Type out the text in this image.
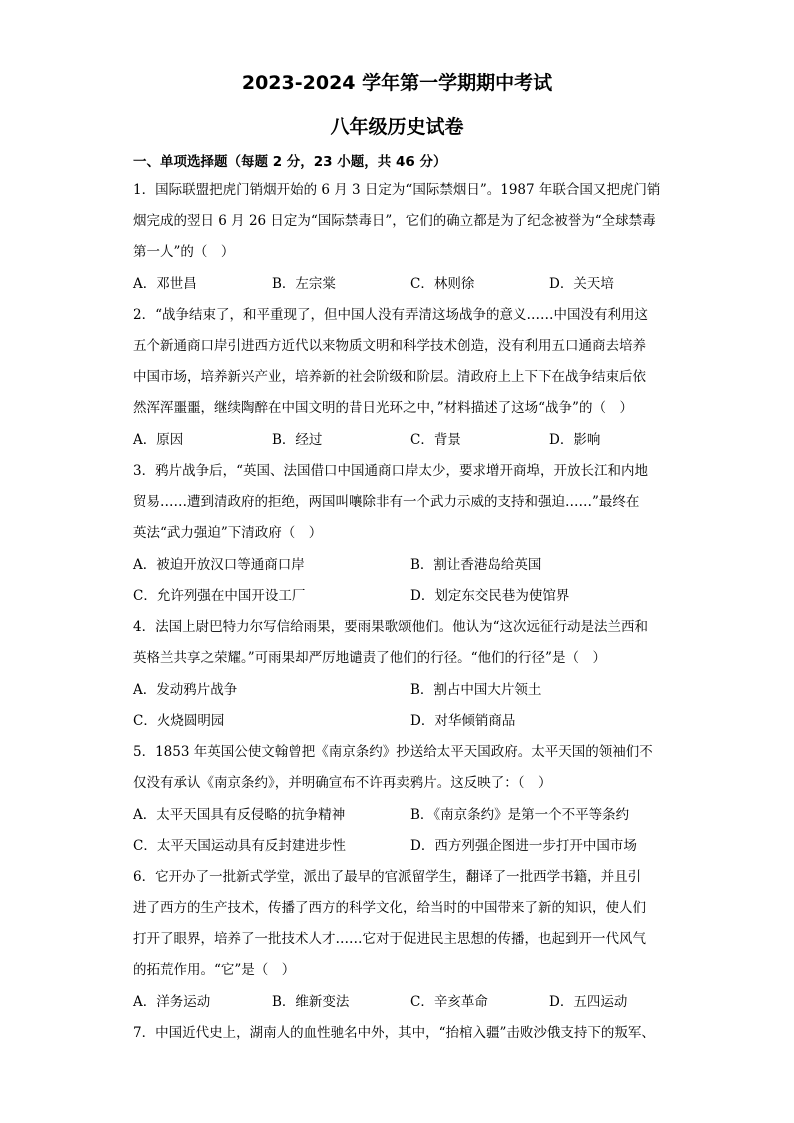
2023-2024 学年第一学期期中考试
八年级历史试卷
一、单项选择题（每题 2 分，23 小题，共 46 分）
1．国际联盟把虎门销烟开始的 6 月 3 日定为“国际禁烟日”。1987 年联合国又把虎门销
烟完成的翌日 6 月 26 日定为“国际禁毒日”，它们的确立都是为了纪念被誉为“全球禁毒
第一人”的（　）
A．邓世昌	B．左宗棠	C．林则徐	D．关天培
2．“战争结束了，和平重现了，但中国人没有弄清这场战争的意义……中国没有利用这
五个新通商口岸引进西方近代以来物质文明和科学技术创造，没有利用五口通商去培养
中国市场，培养新兴产业，培养新的社会阶级和阶层。清政府上上下下在战争结束后依
然浑浑噩噩，继续陶醉在中国文明的昔日光环之中，”材料描述了这场“战争”的（　）
A．原因	B．经过	C．背景	D．影响
3．鸦片战争后，“英国、法国借口中国通商口岸太少，要求增开商埠，开放长江和内地
贸易……遭到清政府的拒绝，两国叫嚷除非有一个武力示威的支持和强迫……”最终在
英法“武力强迫”下清政府（　）
A．被迫开放汉口等通商口岸	B．割让香港岛给英国
C．允许列强在中国开设工厂	D．划定东交民巷为使馆界
4．法国上尉巴特力尔写信给雨果，要雨果歌颂他们。他认为“这次远征行动是法兰西和
英格兰共享之荣耀。”可雨果却严厉地谴责了他们的行径。“他们的行径”是（　）
A．发动鸦片战争	B．割占中国大片领土
C．火烧圆明园	D．对华倾销商品
5．1853 年英国公使文翰曾把《南京条约》抄送给太平天国政府。太平天国的领袖们不
仅没有承认《南京条约》，并明确宣布不许再卖鸦片。这反映了：（　）
A．太平天国具有反侵略的抗争精神	B．《南京条约》是第一个不平等条约
C．太平天国运动具有反封建进步性	D．西方列强企图进一步打开中国市场
6．它开办了一批新式学堂，派出了最早的官派留学生，翻译了一批西学书籍，并且引
进了西方的生产技术，传播了西方的科学文化，给当时的中国带来了新的知识，使人们
打开了眼界，培养了一批技术人才……它对于促进民主思想的传播，也起到开一代风气
的拓荒作用。“它”是（　）
A．洋务运动	B．维新变法	C．辛亥革命	D．五四运动
7．中国近代史上，湖南人的血性驰名中外，其中，“抬棺入疆”击败沙俄支持下的叛军、
